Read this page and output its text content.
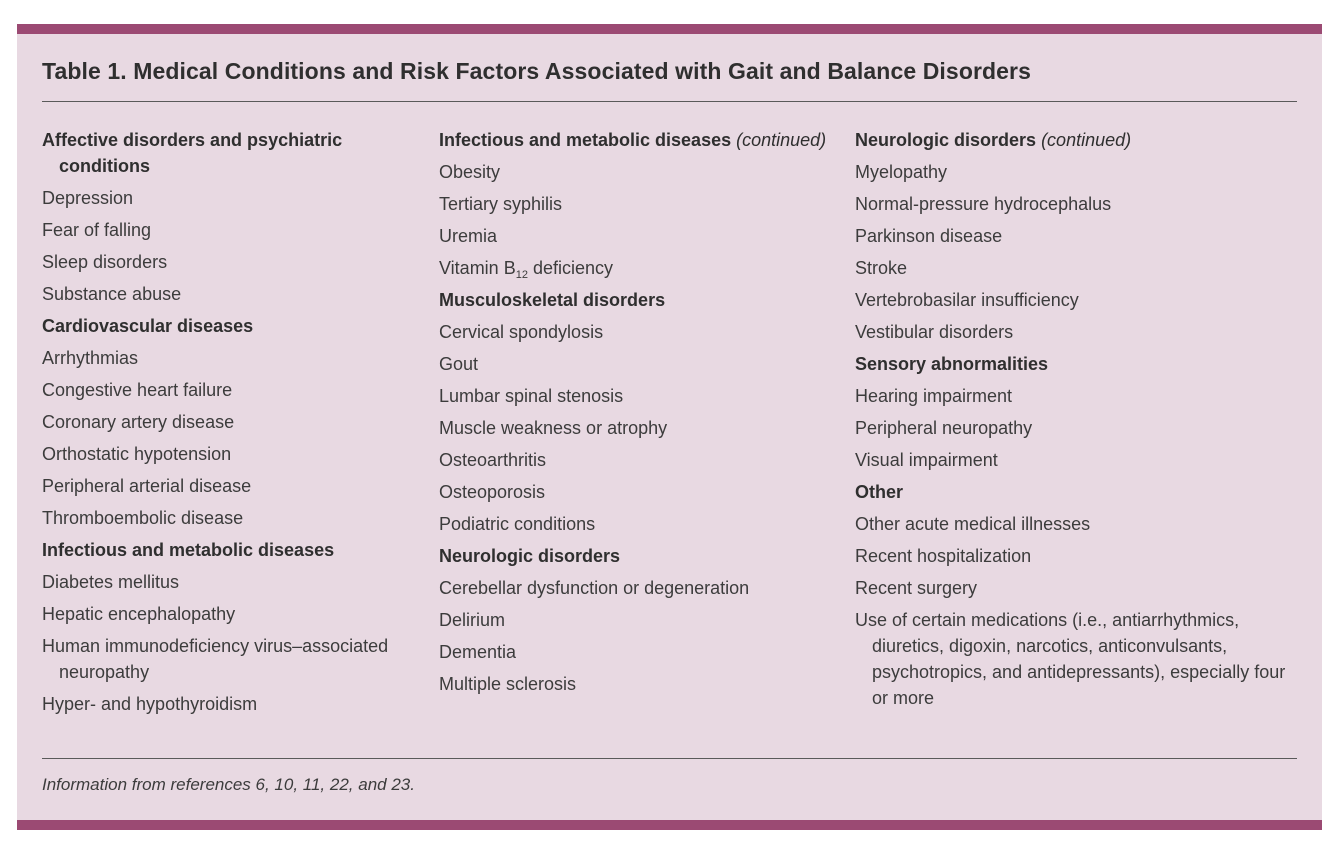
Table 1. Medical Conditions and Risk Factors Associated with Gait and Balance Disorders
Affective disorders and psychiatric conditions
Depression
Fear of falling
Sleep disorders
Substance abuse
Cardiovascular diseases
Arrhythmias
Congestive heart failure
Coronary artery disease
Orthostatic hypotension
Peripheral arterial disease
Thromboembolic disease
Infectious and metabolic diseases
Diabetes mellitus
Hepatic encephalopathy
Human immunodeficiency virus–associated neuropathy
Hyper- and hypothyroidism
Infectious and metabolic diseases (continued)
Obesity
Tertiary syphilis
Uremia
Vitamin $B_{12}$ deficiency
Musculoskeletal disorders
Cervical spondylosis
Gout
Lumbar spinal stenosis
Muscle weakness or atrophy
Osteoarthritis
Osteoporosis
Podiatric conditions
Neurologic disorders
Cerebellar dysfunction or degeneration
Delirium
Dementia
Multiple sclerosis
Neurologic disorders (continued)
Myelopathy
Normal-pressure hydrocephalus
Parkinson disease
Stroke
Vertebrobasilar insufficiency
Vestibular disorders
Sensory abnormalities
Hearing impairment
Peripheral neuropathy
Visual impairment
Other
Other acute medical illnesses
Recent hospitalization
Recent surgery
Use of certain medications (i.e., antiarrhythmics, diuretics, digoxin, narcotics, anticonvulsants, psychotropics, and antidepressants), especially four or more
Information from references 6, 10, 11, 22, and 23.
